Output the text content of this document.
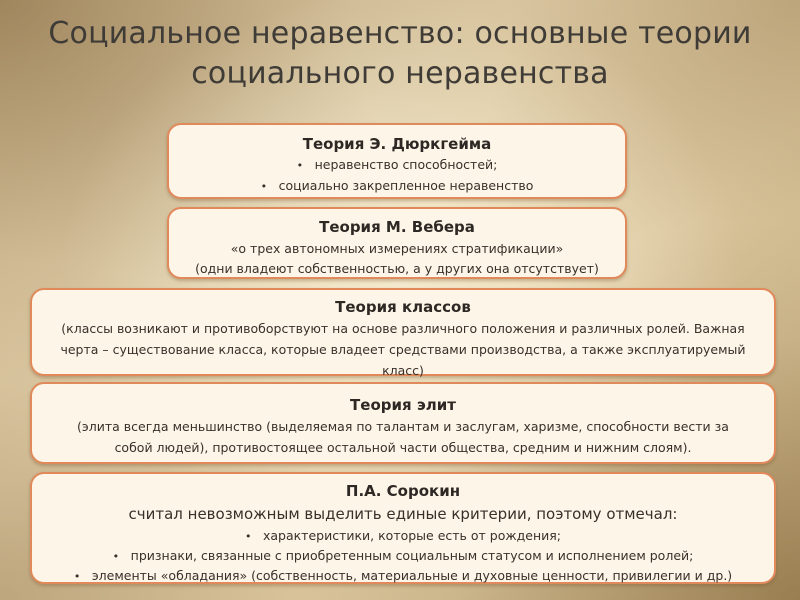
Социальное неравенство: основные теории
социального неравенства
Теория Э. Дюркгейма
• неравенство способностей;
• социально закрепленное неравенство
Теория М. Вебера
«о трех автономных измерениях стратификации»
(одни владеют собственностью, а у других она отсутствует)
Теория классов
(классы возникают и противоборствуют на основе различного положения и различных ролей. Важная
черта – существование класса, которые владеет средствами производства, а также эксплуатируемый
класс)
Теория элит
(элита всегда меньшинство (выделяемая по талантам и заслугам, харизме, способности вести за
собой людей), противостоящее остальной части общества, средним и нижним слоям).
П.А. Сорокин
считал невозможным выделить единые критерии, поэтому отмечал:
• характеристики, которые есть от рождения;
• признаки, связанные с приобретенным социальным статусом и исполнением ролей;
• элементы «обладания» (собственность, материальные и духовные ценности, привилегии и др.)
